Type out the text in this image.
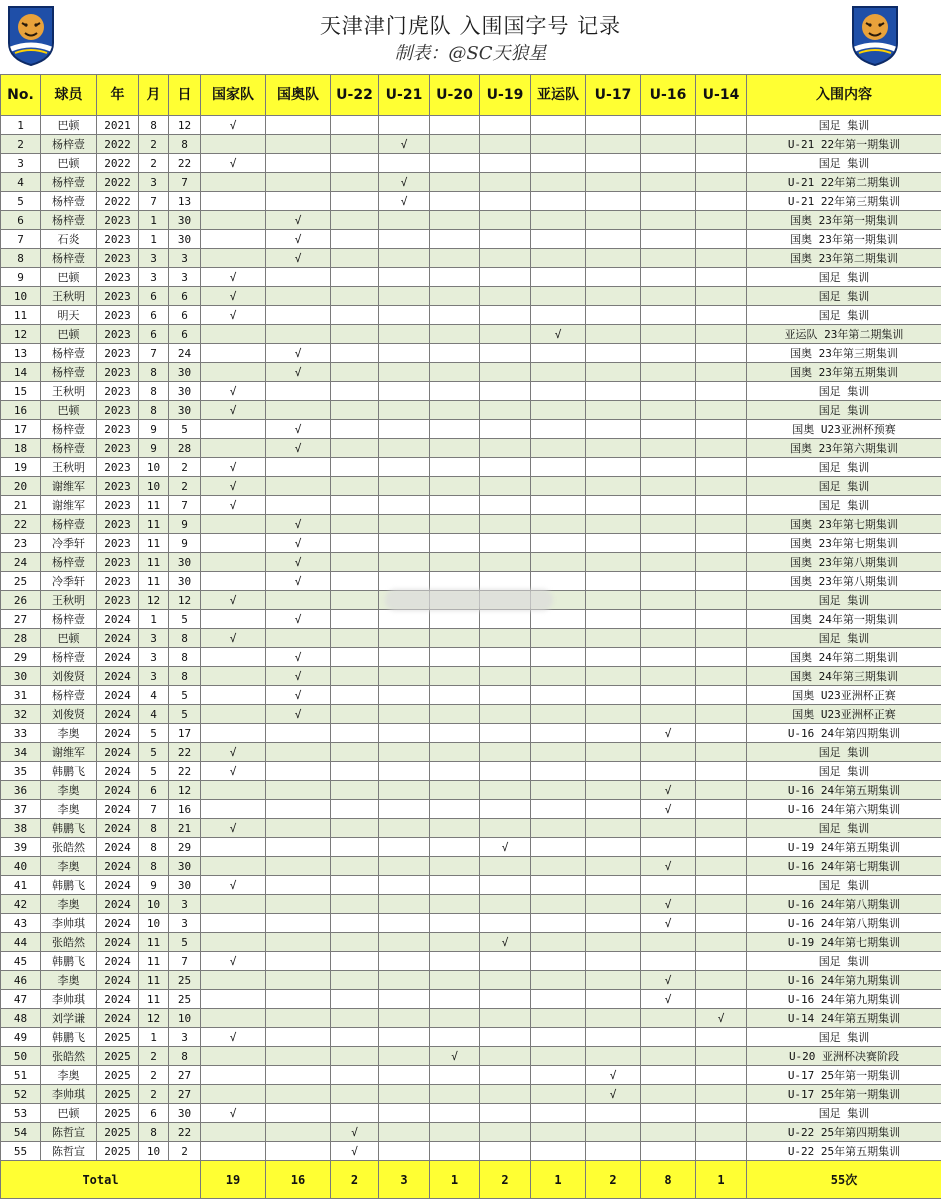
天津津门虎队 入围国字号 记录
制表：@SC天狼星
No.	球员	年	月	日	国家队	国奥队	U-22	U-21	U-20	U-19	亚运队	U-17	U-16	U-14	入围内容
1	巴顿	2021	8	12	√										国足 集训
2	杨梓壹	2022	2	8				√							U-21 22年第一期集训
3	巴顿	2022	2	22	√										国足 集训
4	杨梓壹	2022	3	7				√							U-21 22年第二期集训
5	杨梓壹	2022	7	13				√							U-21 22年第三期集训
6	杨梓壹	2023	1	30		√									国奥 23年第一期集训
7	石炎	2023	1	30		√									国奥 23年第一期集训
8	杨梓壹	2023	3	3		√									国奥 23年第二期集训
9	巴顿	2023	3	3	√										国足 集训
10	王秋明	2023	6	6	√										国足 集训
11	明天	2023	6	6	√										国足 集训
12	巴顿	2023	6	6							√				亚运队 23年第二期集训
13	杨梓壹	2023	7	24		√									国奥 23年第三期集训
14	杨梓壹	2023	8	30		√									国奥 23年第五期集训
15	王秋明	2023	8	30	√										国足 集训
16	巴顿	2023	8	30	√										国足 集训
17	杨梓壹	2023	9	5		√									国奥 U23亚洲杯预赛
18	杨梓壹	2023	9	28		√									国奥 23年第六期集训
19	王秋明	2023	10	2	√										国足 集训
20	谢维军	2023	10	2	√										国足 集训
21	谢维军	2023	11	7	√										国足 集训
22	杨梓壹	2023	11	9		√									国奥 23年第七期集训
23	冷季轩	2023	11	9		√									国奥 23年第七期集训
24	杨梓壹	2023	11	30		√									国奥 23年第八期集训
25	冷季轩	2023	11	30		√									国奥 23年第八期集训
26	王秋明	2023	12	12	√										国足 集训
27	杨梓壹	2024	1	5		√									国奥 24年第一期集训
28	巴顿	2024	3	8	√										国足 集训
29	杨梓壹	2024	3	8		√									国奥 24年第二期集训
30	刘俊贤	2024	3	8		√									国奥 24年第三期集训
31	杨梓壹	2024	4	5		√									国奥 U23亚洲杯正赛
32	刘俊贤	2024	4	5		√									国奥 U23亚洲杯正赛
33	李奥	2024	5	17									√		U-16 24年第四期集训
34	谢维军	2024	5	22	√										国足 集训
35	韩鹏飞	2024	5	22	√										国足 集训
36	李奥	2024	6	12									√		U-16 24年第五期集训
37	李奥	2024	7	16									√		U-16 24年第六期集训
38	韩鹏飞	2024	8	21	√										国足 集训
39	张皓然	2024	8	29						√					U-19 24年第五期集训
40	李奥	2024	8	30									√		U-16 24年第七期集训
41	韩鹏飞	2024	9	30	√										国足 集训
42	李奥	2024	10	3									√		U-16 24年第八期集训
43	李帅琪	2024	10	3									√		U-16 24年第八期集训
44	张皓然	2024	11	5						√					U-19 24年第七期集训
45	韩鹏飞	2024	11	7	√										国足 集训
46	李奥	2024	11	25									√		U-16 24年第九期集训
47	李帅琪	2024	11	25									√		U-16 24年第九期集训
48	刘学谦	2024	12	10										√	U-14 24年第五期集训
49	韩鹏飞	2025	1	3	√										国足 集训
50	张皓然	2025	2	8					√						U-20 亚洲杯决赛阶段
51	李奥	2025	2	27								√			U-17 25年第一期集训
52	李帅琪	2025	2	27								√			U-17 25年第一期集训
53	巴顿	2025	6	30	√										国足 集训
54	陈哲宣	2025	8	22			√								U-22 25年第四期集训
55	陈哲宣	2025	10	2			√								U-22 25年第五期集训
Total					19	16	2	3	1	2	1	2	8	1	55次
